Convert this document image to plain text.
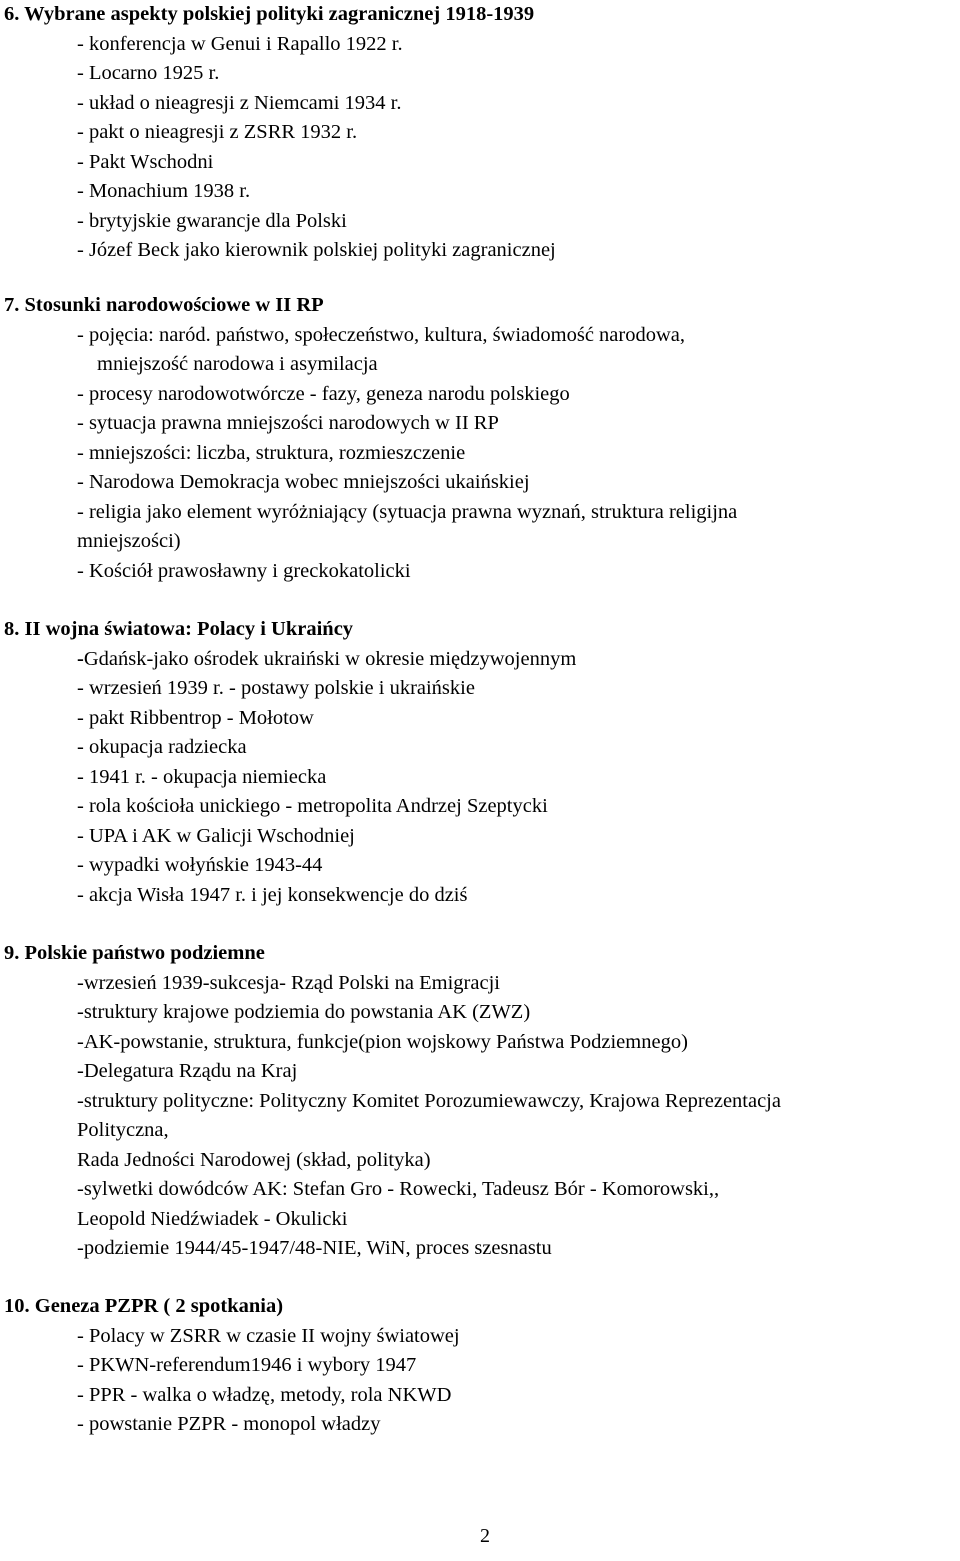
6. Wybrane aspekty polskiej polityki zagranicznej 1918-1939
- konferencja w Genui i Rapallo 1922 r.
- Locarno 1925 r.
- układ o nieagresji z Niemcami 1934 r.
- pakt o nieagresji z ZSRR 1932 r.
- Pakt Wschodni
- Monachium 1938 r.
- brytyjskie gwarancje dla Polski
- Józef Beck jako kierownik polskiej polityki zagranicznej
7. Stosunki narodowościowe w II RP
- pojęcia: naród. państwo, społeczeństwo, kultura, świadomość narodowa,
mniejszość narodowa i asymilacja
- procesy narodowotwórcze - fazy, geneza narodu polskiego
- sytuacja prawna mniejszości narodowych w II RP
- mniejszości: liczba, struktura, rozmieszczenie
- Narodowa Demokracja wobec mniejszości ukaińskiej
- religia jako element wyróżniający (sytuacja prawna wyznań, struktura religijna
mniejszości)
- Kościół prawosławny i greckokatolicki
8. II wojna światowa: Polacy i Ukraińcy
-Gdańsk-jako ośrodek ukraiński w okresie międzywojennym
- wrzesień 1939 r. - postawy polskie i ukraińskie
- pakt Ribbentrop - Mołotow
- okupacja radziecka
- 1941 r. - okupacja niemiecka
- rola kościoła unickiego - metropolita Andrzej Szeptycki
- UPA i AK w Galicji Wschodniej
- wypadki wołyńskie 1943-44
- akcja Wisła 1947 r. i jej konsekwencje do dziś
9. Polskie państwo podziemne
-wrzesień 1939-sukcesja- Rząd Polski na Emigracji
-struktury krajowe podziemia do powstania AK (ZWZ)
-AK-powstanie, struktura, funkcje(pion wojskowy Państwa Podziemnego)
-Delegatura Rządu na Kraj
-struktury polityczne: Polityczny Komitet Porozumiewawczy, Krajowa Reprezentacja
Polityczna,
Rada Jedności Narodowej (skład, polityka)
-sylwetki dowódców AK: Stefan Gro - Rowecki, Tadeusz Bór - Komorowski,,
Leopold Niedźwiadek - Okulicki
-podziemie 1944/45-1947/48-NIE, WiN, proces szesnastu
10. Geneza PZPR ( 2 spotkania)
- Polacy w ZSRR w czasie II wojny światowej
- PKWN-referendum1946 i wybory 1947
- PPR - walka o władzę, metody, rola NKWD
- powstanie PZPR - monopol władzy
2
